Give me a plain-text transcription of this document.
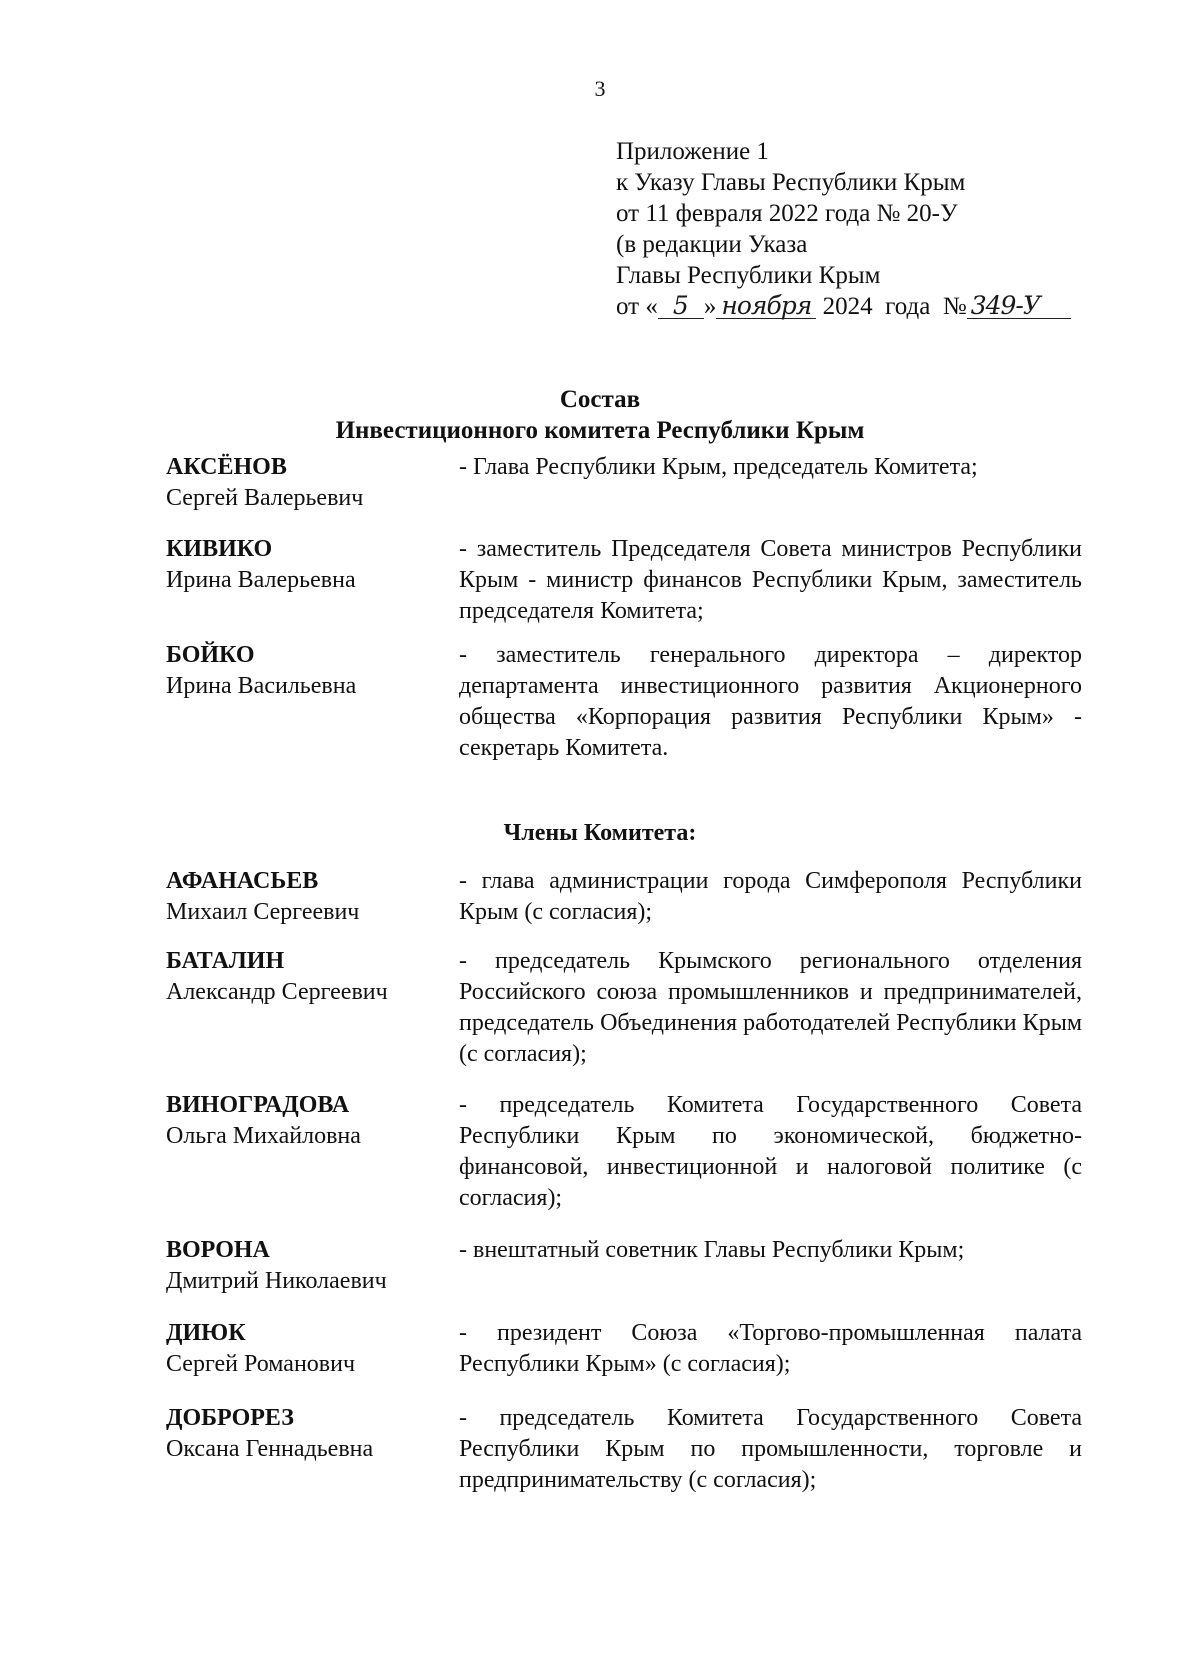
3
Приложение 1
к Указу Главы Республики Крым
от 11 февраля 2022 года № 20-У
(в редакции Указа
Главы Республики Крым
от « 5 » ноября 2024 года № 349-У
Состав
Инвестиционного комитета Республики Крым
АКСЁНОВ
Сергей Валерьевич
- Глава Республики Крым, председатель Комитета;
КИВИКО
Ирина Валерьевна
- заместитель Председателя Совета министров Республики Крым - министр финансов Республики Крым, заместитель председателя Комитета;
БОЙКО
Ирина Васильевна
- заместитель генерального директора – директор департамента инвестиционного развития Акционерного общества «Корпорация развития Республики Крым» - секретарь Комитета.
Члены Комитета:
АФАНАСЬЕВ
Михаил Сергеевич
- глава администрации города Симферополя Республики Крым (с согласия);
БАТАЛИН
Александр Сергеевич
- председатель Крымского регионального отделения Российского союза промышленников и предпринимателей, председатель Объединения работодателей Республики Крым (с согласия);
ВИНОГРАДОВА
Ольга Михайловна
- председатель Комитета Государственного Совета Республики Крым по экономической, бюджетно-финансовой, инвестиционной и налоговой политике (с согласия);
ВОРОНА
Дмитрий Николаевич
- внештатный советник Главы Республики Крым;
ДИЮК
Сергей Романович
- президент Союза «Торгово-промышленная палата Республики Крым» (с согласия);
ДОБРОРЕЗ
Оксана Геннадьевна
- председатель Комитета Государственного Совета Республики Крым по промышленности, торговле и предпринимательству (с согласия);
